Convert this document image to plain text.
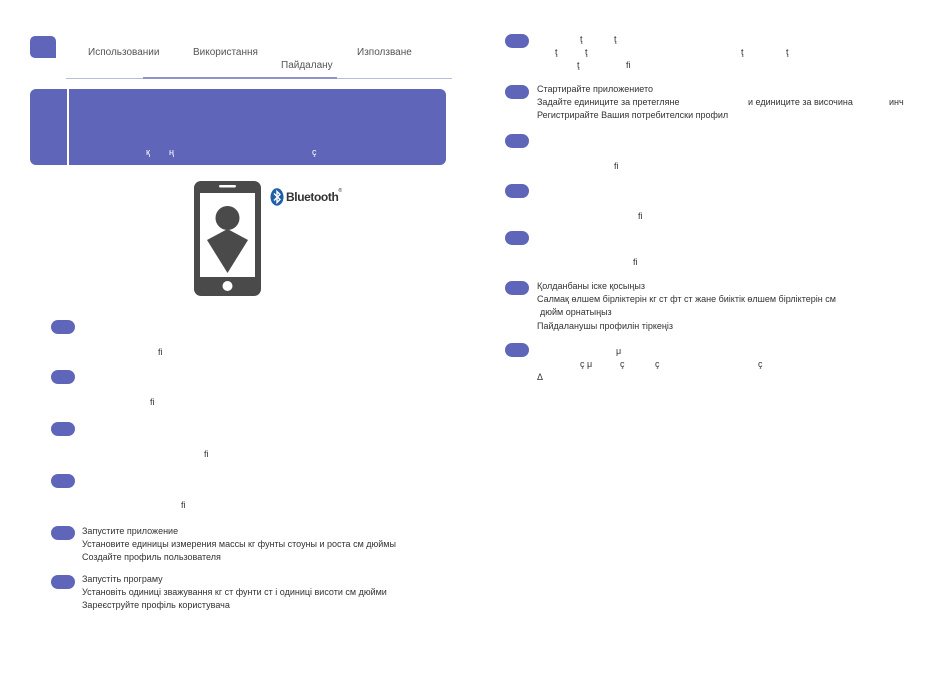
Использовании	Використання
Пайдалану
Използване
қ ң	ç
Bluetooth ®
ﬁ
ﬁ
ﬁ
ﬁ
Запустите приложение
Установите единицы измерения массы кг фунты стоуны и роста см дюймы
Создайте профиль пользователя
Запустіть програму
Установіть одиниці зважування кг ст фунти ст і одиниці висоти см дюйми
Зареєструйте профіль користувача
ţ	ţ
ţ	ţ	ţ	ţ
ţ	ﬁ
Стартирайте приложението
Задайте единиците за претегляне	и единиците за височина	инч
Регистрирайте Вашия потребителски профил
ﬁ
ﬁ
ﬁ
Қолданбаны іске қосыңыз
Салмақ өлшем бірліктерін кг ст фт ст жане биіктік өлшем бірліктерін см
дюйм орнатыңыз
Пайдаланушы профилін тіркеңіз
μ
ç μ	ç	ç	ç
Δ
